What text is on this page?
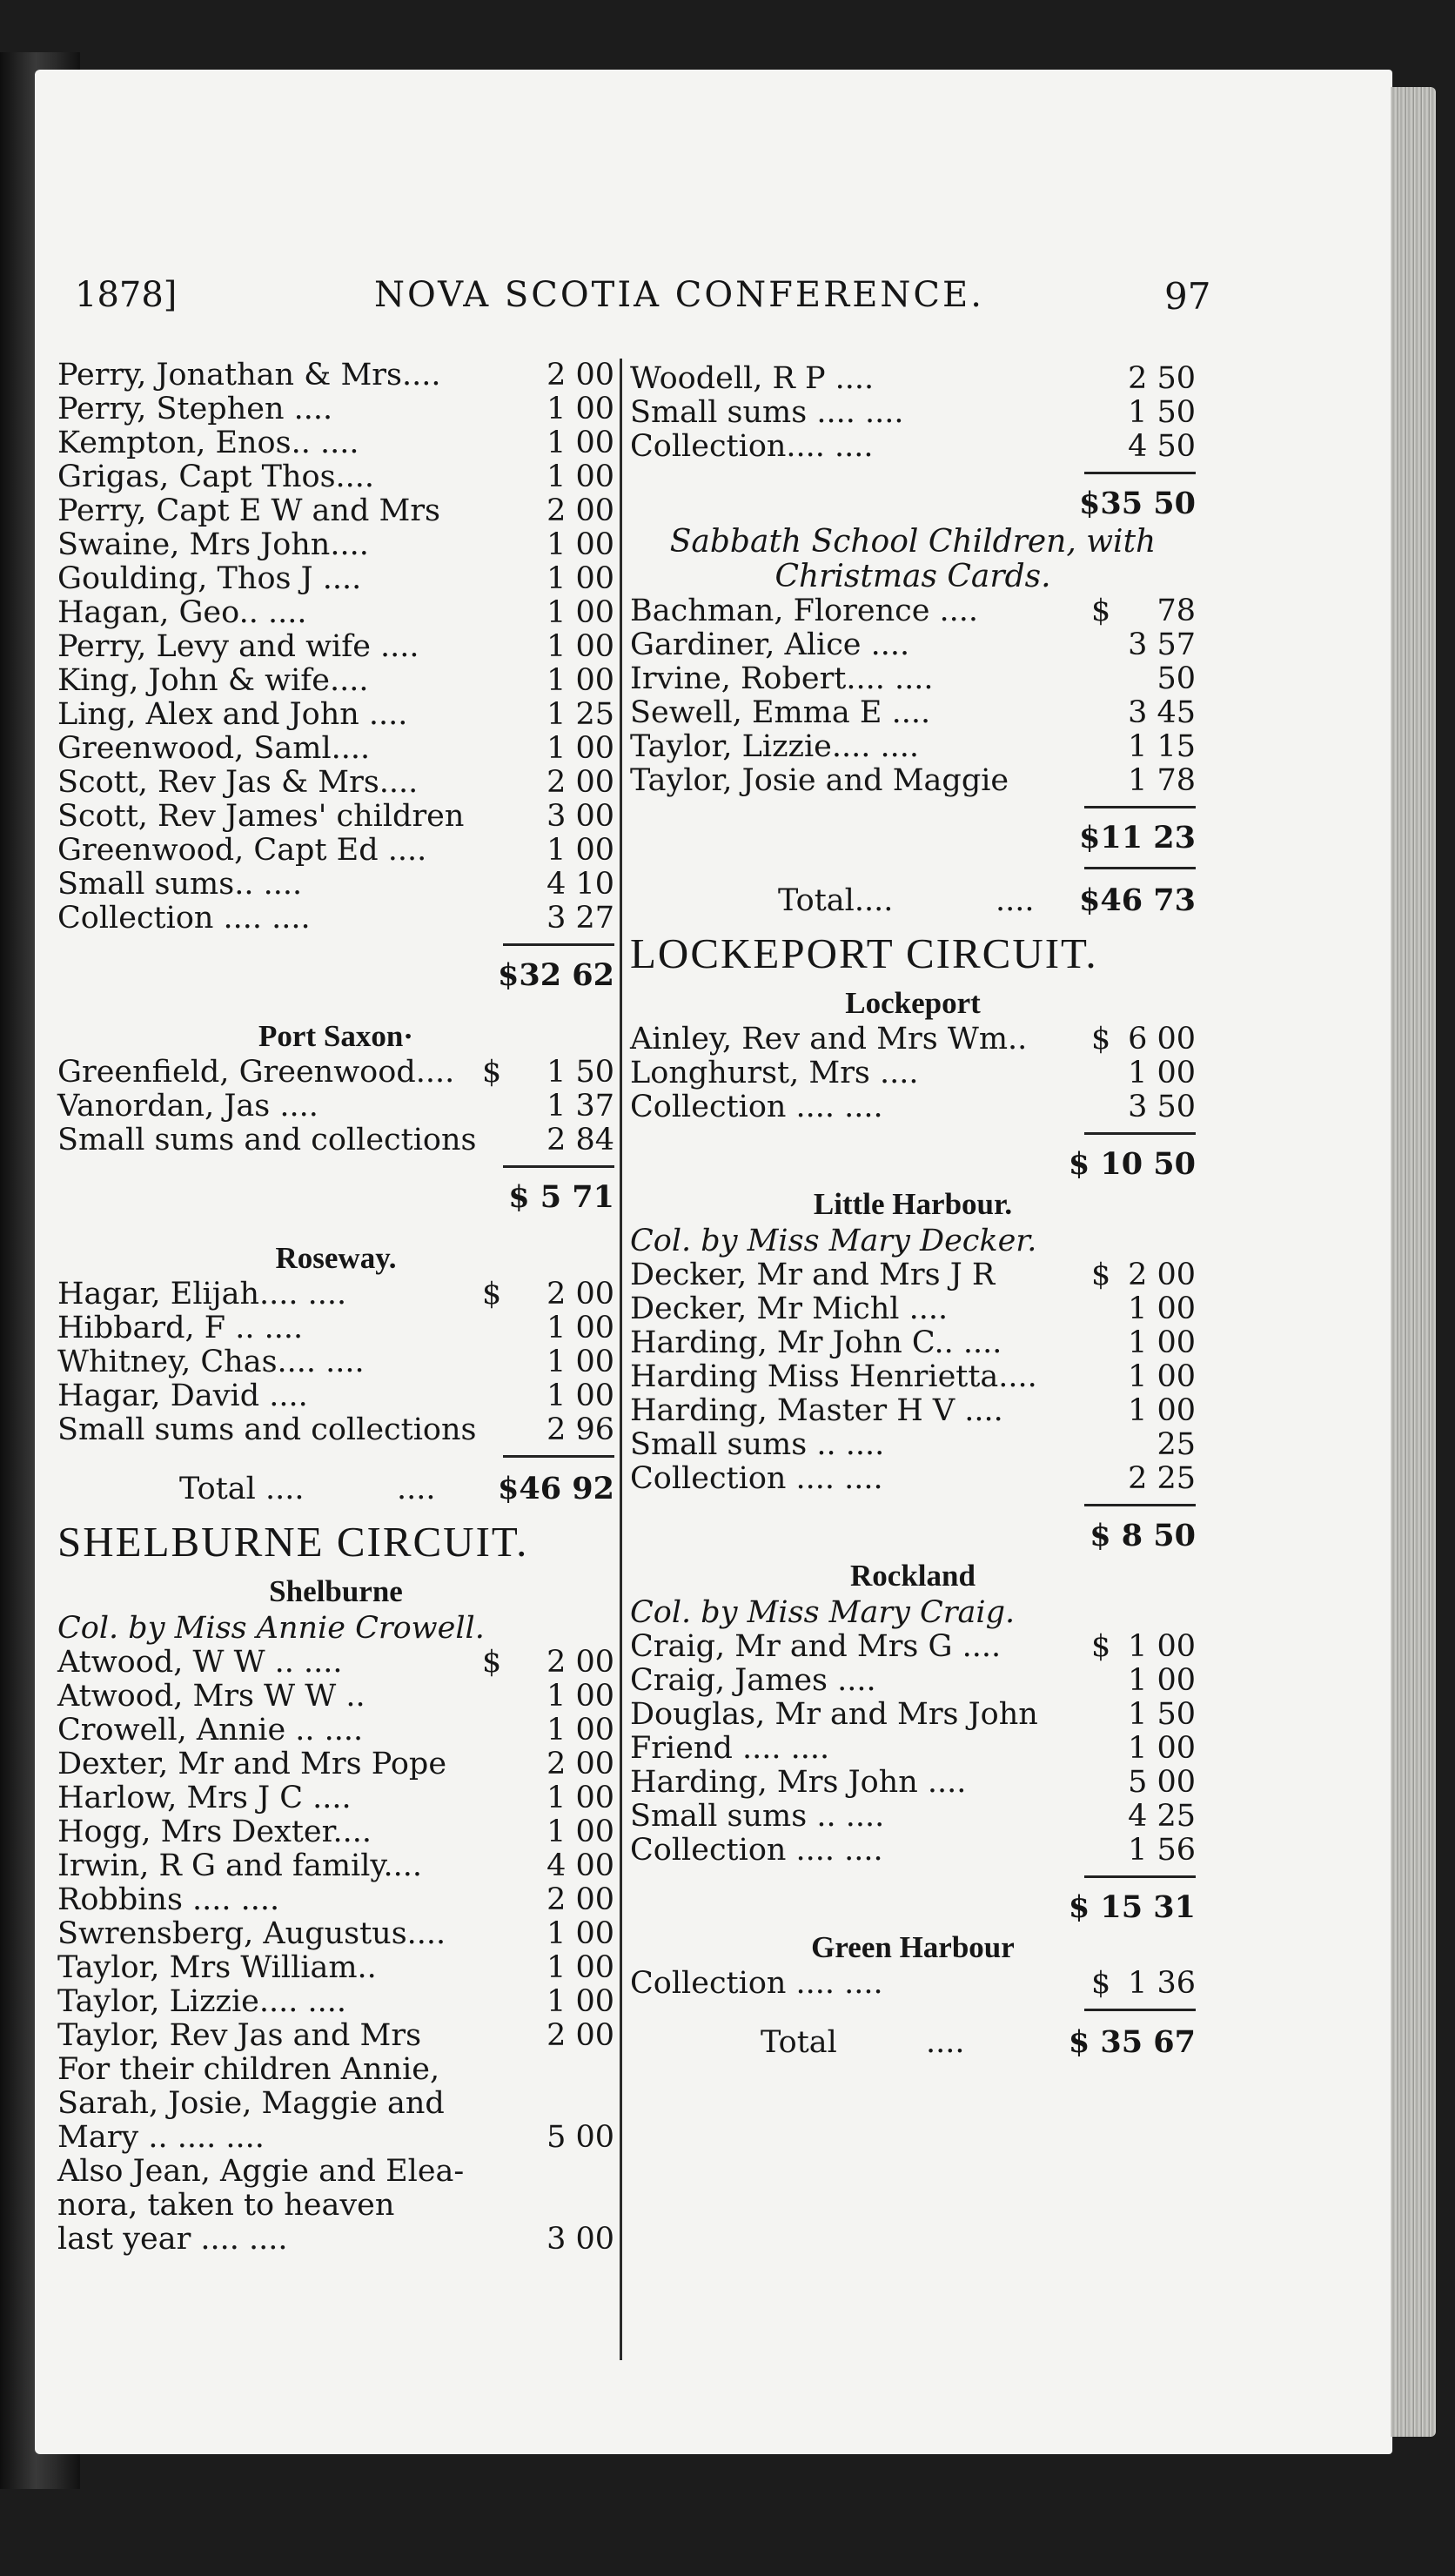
1878]	NOVA SCOTIA CONFERENCE.	97
Perry, Jonathan & Mrs....	2 00
Perry, Stephen ....	1 00
Kempton, Enos.. ....	1 00
Grigas, Capt Thos....	1 00
Perry, Capt E W and Mrs	2 00
Swaine, Mrs John....	1 00
Goulding, Thos J ....	1 00
Hagan, Geo.. ....	1 00
Perry, Levy and wife ....	1 00
King, John & wife....	1 00
Ling, Alex and John ....	1 25
Greenwood, Saml....	1 00
Scott, Rev Jas & Mrs....	2 00
Scott, Rev James' children	3 00
Greenwood, Capt Ed ....	1 00
Small sums.. ....	4 10
Collection .... ....	3 27
$32 62
Port Saxon·
Greenfield, Greenwood.... $ 1 50
Vanordan, Jas ....	1 37
Small sums and collections 2 84
$ 5 71
Roseway.
Hagar, Elijah.... ....	$ 2 00
Hibbard, F .. ....	1 00
Whitney, Chas.... ....	1 00
Hagar, David ....	1 00
Small sums and collections 2 96
Total ....	.... $46 92
SHELBURNE CIRCUIT.
Shelburne
Col. by Miss Annie Crowell.
Atwood, W W .. ....	$ 2 00
Atwood, Mrs W W ..	1 00
Crowell, Annie .. ....	1 00
Dexter, Mr and Mrs Pope	2 00
Harlow, Mrs J C ....	1 00
Hogg, Mrs Dexter....	1 00
Irwin, R G and family....	4 00
Robbins .... ....	2 00
Swrensberg, Augustus....	1 00
Taylor, Mrs William..	1 00
Taylor, Lizzie.... ....	1 00
Taylor, Rev Jas and Mrs	2 00
For their children Annie,
Sarah, Josie, Maggie and
Mary .. .... ....	5 00
Also Jean, Aggie and Elea-
nora, taken to heaven
last year .... ....	3 00
Woodell, R P ....	2 50
Small sums .... ....	1 50
Collection.... ....	4 50
$35 50
Sabbath School Children, with
Christmas Cards.
Bachman, Florence ....	$ 78
Gardiner, Alice ....	3 57
Irvine, Robert.... ....	50
Sewell, Emma E ....	3 45
Taylor, Lizzie.... ....	1 15
Taylor, Josie and Maggie	1 78
$11 23
Total....	.... $46 73
LOCKEPORT CIRCUIT.
Lockeport
Ainley, Rev and Mrs Wm.. $ 6 00
Longhurst, Mrs ....	1 00
Collection .... ....	3 50
$ 10 50
Little Harbour.
Col. by Miss Mary Decker.
Decker, Mr and Mrs J R	$ 2 00
Decker, Mr Michl ....	1 00
Harding, Mr John C.. ....	1 00
Harding Miss Henrietta....	1 00
Harding, Master H V ....	1 00
Small sums .. ....	25
Collection .... ....	2 25
$ 8 50
Rockland
Col. by Miss Mary Craig.
Craig, Mr and Mrs G ....	$ 1 00
Craig, James ....	1 00
Douglas, Mr and Mrs John	1 50
Friend .... ....	1 00
Harding, Mrs John ....	5 00
Small sums .. ....	4 25
Collection .... ....	1 56
$ 15 31
Green Harbour
Collection .... ....	$ 1 36
Total	....	$ 35 67
